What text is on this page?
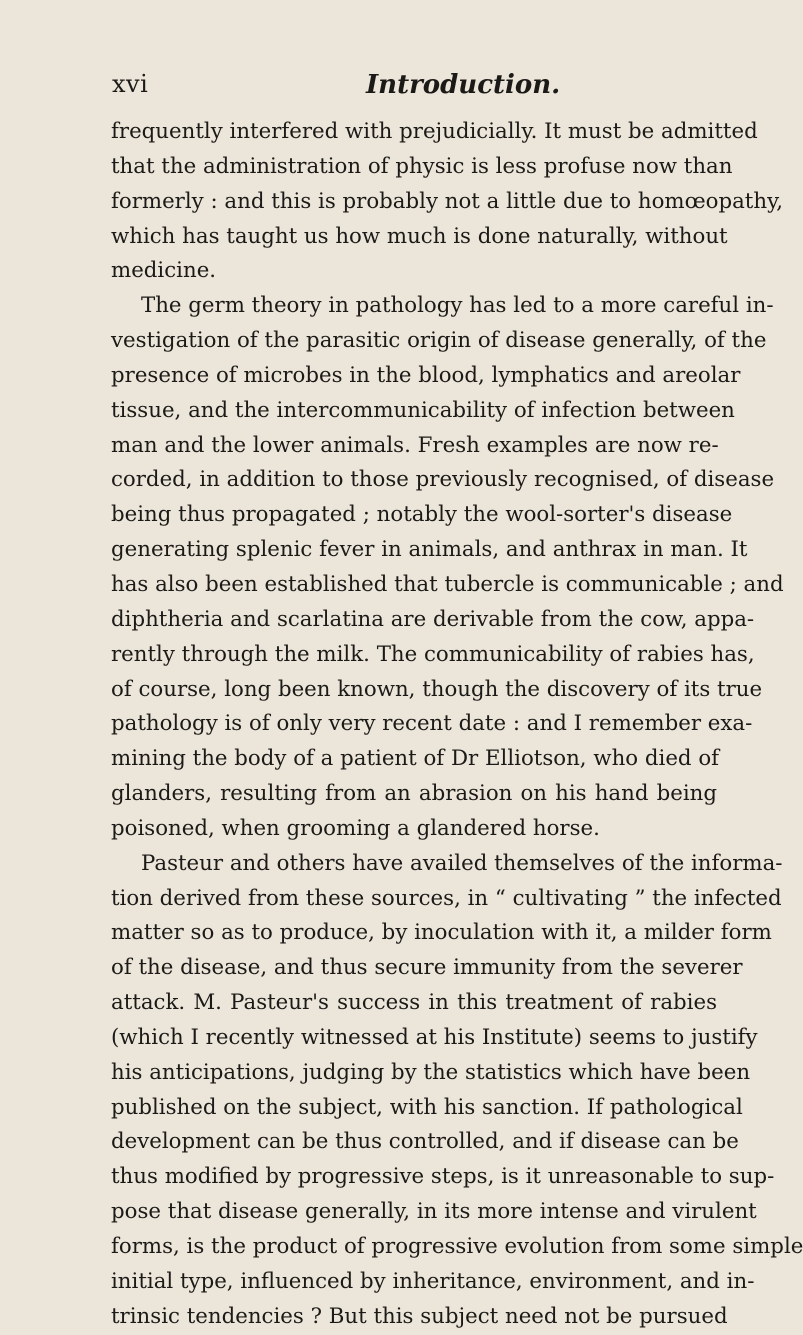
xvi	Introduction.
frequently interfered with prejudicially. It must be admitted
that the administration of physic is less profuse now than
formerly : and this is probably not a little due to homœopathy,
which has taught us how much is done naturally, without
medicine.
The germ theory in pathology has led to a more careful in-
vestigation of the parasitic origin of disease generally, of the
presence of microbes in the blood, lymphatics and areolar
tissue, and the intercommunicability of infection between
man and the lower animals. Fresh examples are now re-
corded, in addition to those previously recognised, of disease
being thus propagated ; notably the wool-sorter's disease
generating splenic fever in animals, and anthrax in man. It
has also been established that tubercle is communicable ; and
diphtheria and scarlatina are derivable from the cow, appa-
rently through the milk. The communicability of rabies has,
of course, long been known, though the discovery of its true
pathology is of only very recent date : and I remember exa-
mining the body of a patient of Dr Elliotson, who died of
glanders, resulting from an abrasion on his hand being
poisoned, when grooming a glandered horse.
Pasteur and others have availed themselves of the informa-
tion derived from these sources, in “ cultivating ” the infected
matter so as to produce, by inoculation with it, a milder form
of the disease, and thus secure immunity from the severer
attack. M. Pasteur's success in this treatment of rabies
(which I recently witnessed at his Institute) seems to justify
his anticipations, judging by the statistics which have been
published on the subject, with his sanction. If pathological
development can be thus controlled, and if disease can be
thus modified by progressive steps, is it unreasonable to sup-
pose that disease generally, in its more intense and virulent
forms, is the product of progressive evolution from some simple
initial type, influenced by inheritance, environment, and in-
trinsic tendencies ? But this subject need not be pursued
